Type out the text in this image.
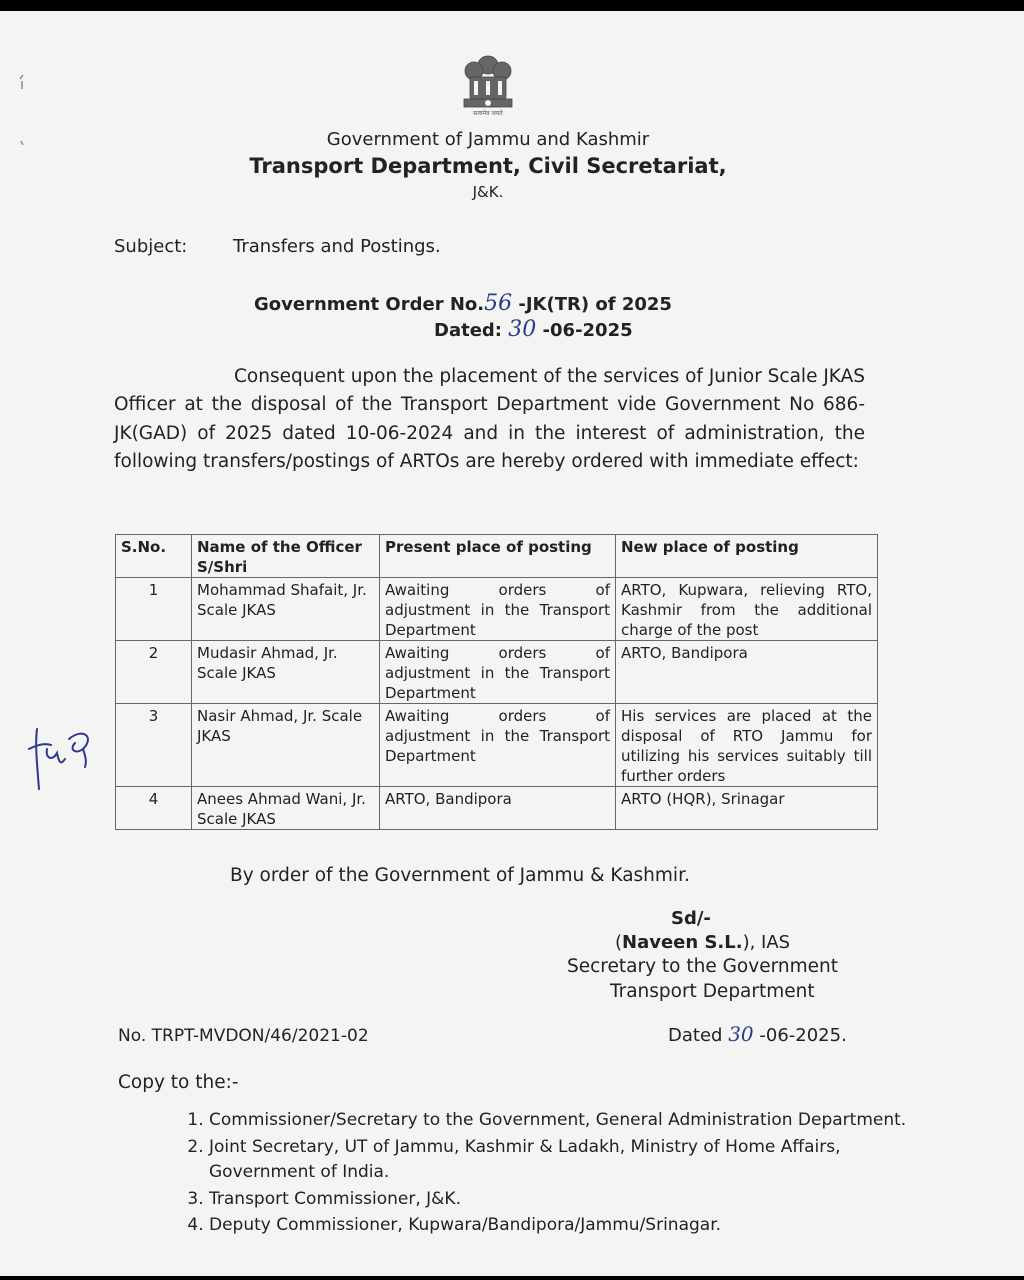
सत्यमेव जयते
Government of Jammu and Kashmir
Transport Department, Civil Secretariat,
J&K.
Subject:	Transfers and Postings.
Government Order No.56 -JK(TR) of 2025
Dated: 30 -06-2025
Consequent upon the placement of the services of Junior Scale JKAS Officer at the disposal of the Transport Department vide Government No 686-JK(GAD) of 2025 dated 10-06-2024 and in the interest of administration, the following transfers/postings of ARTOs are hereby ordered with immediate effect:
S.No.	Name of the Officer S/Shri	Present place of posting	New place of posting
1	Mohammad Shafait, Jr. Scale JKAS	Awaiting orders of adjustment in the Transport Department	ARTO, Kupwara, relieving RTO, Kashmir from the additional charge of the post
2	Mudasir Ahmad, Jr. Scale JKAS	Awaiting orders of adjustment in the Transport Department	ARTO, Bandipora
3	Nasir Ahmad, Jr. Scale JKAS	Awaiting orders of adjustment in the Transport Department	His services are placed at the disposal of RTO Jammu for utilizing his services suitably till further orders
4	Anees Ahmad Wani, Jr. Scale JKAS	ARTO, Bandipora	ARTO (HQR), Srinagar
By order of the Government of Jammu & Kashmir.
Sd/-
(Naveen S.L.), IAS
Secretary to the Government
Transport Department
No. TRPT-MVDON/46/2021-02	Dated 30 -06-2025.
Copy to the:-
1. Commissioner/Secretary to the Government, General Administration Department.
2. Joint Secretary, UT of Jammu, Kashmir & Ladakh, Ministry of Home Affairs, Government of India.
3. Transport Commissioner, J&K.
4. Deputy Commissioner, Kupwara/Bandipora/Jammu/Srinagar.
